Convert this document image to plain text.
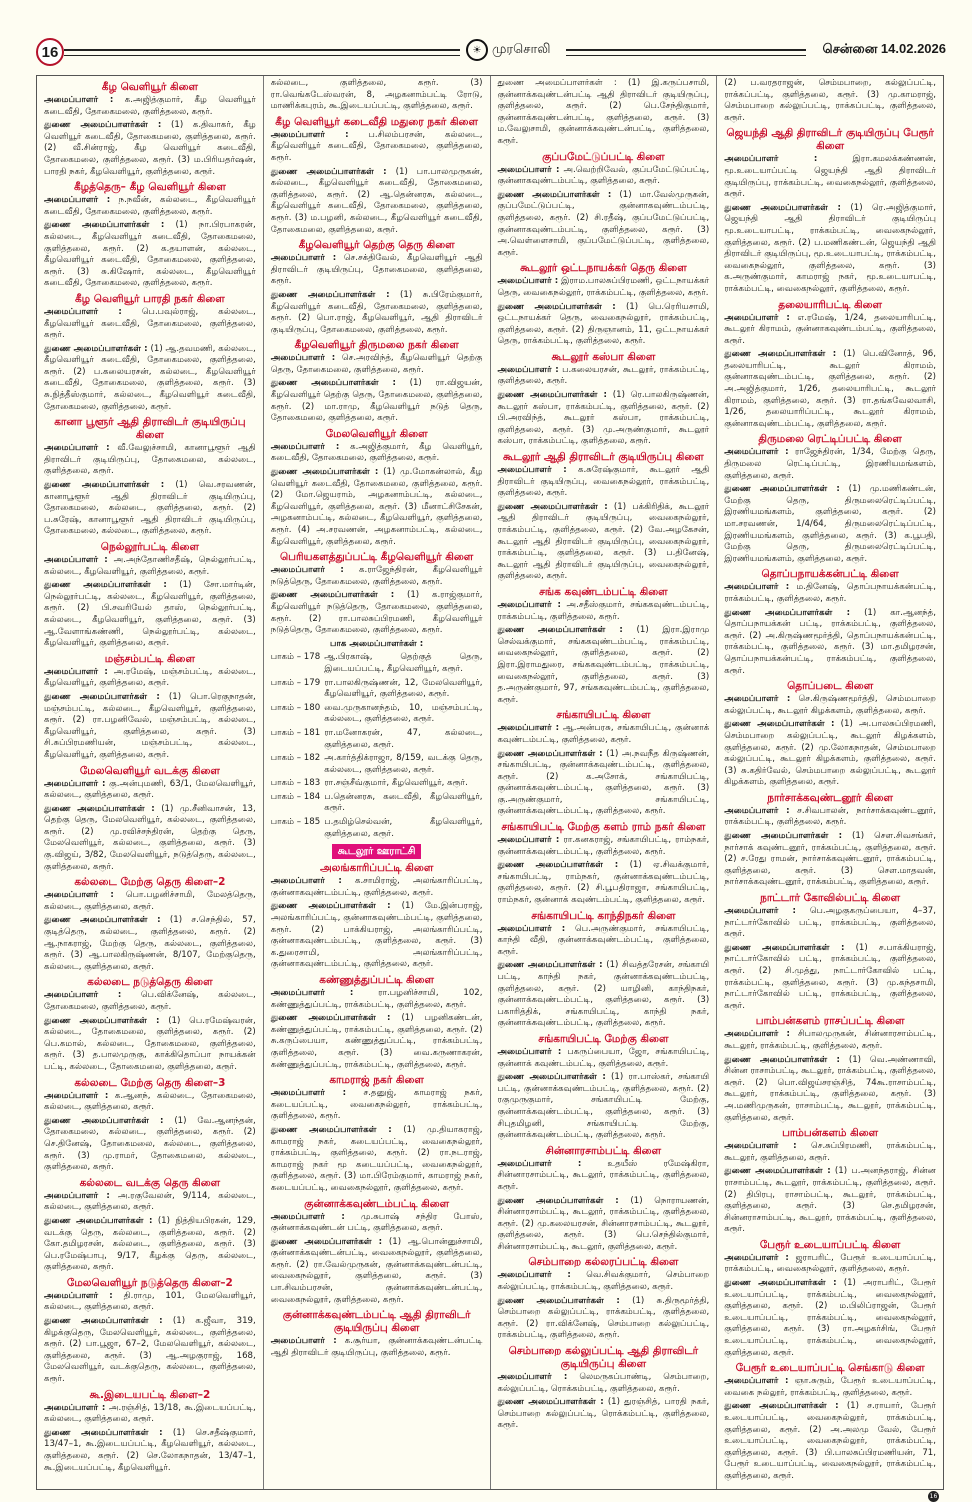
16	☀ முரசொலி	சென்னை 14.02.2026
கீழ வெளியூர் கிளை

அமைப்பாளர் : க.அஜித்குமார், கீழ வெளியூர் கடைவீதி, தோகைமலை, குளித்தலை, கரூர்.

துணை அமைப்பாளர்கள் : (1) க.திவாகர், கீழ வெளியூர் கடைவீதி, தோகைமலை, குளித்தலை, கரூர். (2) வீ.சின்ராஜ், கீழ வெளியூர் கடைவீதி, தோகைமலை, குளித்தலை, கரூர். (3) ம.பிரியதர்ஷன், பாரதி நகர், கீழவெளியூர், குளித்தலை, கரூர்.

கீழத்தெரு– கீழ வெளியூர் கிளை

அமைப்பாளர் : ந.நவீன், கல்லடை, கீழவெளியூர் கடைவீதி, தோகைமலை, குளித்தலை, கரூர்.

துணை அமைப்பாளர்கள் : (1) நா.பிரபாகரன், கல்லடை, கீழவெளியூர் கடைவீதி, தோகைமலை, குளித்தலை, கரூர். (2) க.தயாளன், கல்லடை, கீழவெளியூர் கடைவீதி, தோகைமலை, குளித்தலை, கரூர். (3) சு.கிஷோர், கல்லடை, கீழவெளியூர் கடைவீதி, தோகைமலை, குளித்தலை, கரூர்.

கீழ வெளியூர் பாரதி நகர் கிளை

அமைப்பாளர் : பெ.பவுல்ராஜ், கல்லடை, கீழவெளியூர் கடைவீதி, தோகைமலை, குளித்தலை, கரூர்.

துணை அமைப்பாளர்கள் : (1) ஆ.தவமணி, கல்லடை, கீழவெளியூர் கடைவீதி, தோகைமலை, குளித்தலை, கரூர். (2) ப.கலையரசன், கல்லடை, கீழவெளியூர் கடைவீதி, தோகைமலை, குளித்தலை, கரூர். (3) சு.நித்தீஸ்குமார், கல்லடை, கீழவெளியூர் கடைவீதி, தோகைமலை, குளித்தலை, கரூர்.

கானா பூளூர் ஆதி திராவிடர் குடியிருப்பு கிளை

அமைப்பாளர் : வீ.வேலுச்சாமி, கானாபூளூர் ஆதி திராவிடர் குடியிருப்பு, தோகைமலை, கல்லடை, குளித்தலை, கரூர்.

துணை அமைப்பாளர்கள் : (1) வெ.சரவணன், கானாபூளூர் ஆதி திராவிடர் குடியிருப்பு, தோகைமலை, கல்லடை, குளித்தலை, கரூர். (2) ப.சுரேஷ், கானாபூளூர் ஆதி திராவிடர் குடியிருப்பு, தோகைமலை, கல்லடை, குளித்தலை, கரூர்.

நெல்லூர்பட்டி கிளை

அமைப்பாளர் : அ.அந்தோணிசதீஷ், நெல்லூர்பட்டி, கல்லடை, கீழவெளியூர், குளித்தலை, கரூர்.

துணை அமைப்பாளர்கள் : (1) சோ.மார்டின், நெல்லூர்பட்டி, கல்லடை, கீழவெளியூர், குளித்தலை, கரூர். (2) பி.சவரியேல் தாஸ், நெல்லூர்பட்டி, கல்லடை, கீழவெளியூர், குளித்தலை, கரூர். (3) ஆ.வேளாங்கண்ணி, நெல்லூர்பட்டி, கல்லடை, கீழவெளியூர், குளித்தலை, கரூர்.

மஞ்சம்பட்டி கிளை

அமைப்பாளர் : அ.ரமேஷ், மஞ்சம்பட்டி, கல்லடை, கீழவெளியூர், குளித்தலை, கரூர்.

துணை அமைப்பாளர்கள் : (1) பொ.ரெகுநாதன், மஞ்சம்பட்டி, கல்லடை, கீழவெளியூர், குளித்தலை, கரூர். (2) ரா.பழனிவேல், மஞ்சம்பட்டி, கல்லடை, கீழவெளியூர், குளித்தலை, கரூர். (3) சி.சுப்பிரமணியன், மஞ்சம்பட்டி, கல்லடை, கீழவெளியூர், குளித்தலை, கரூர்.

மேலவெளியூர் வடக்கு கிளை

அமைப்பாளர் : கு.அன்புமணி, 63/1, மேலவெளியூர், கல்லடை, குளித்தலை, கரூர்.

துணை அமைப்பாளர்கள் : (1) மு.சீனிவாசன், 13, தெற்கு தெரு, மேலவெளியூர், கல்லடை, குளித்தலை, கரூர். (2) மு.ரவிச்சந்திரன், தெற்கு தெரு, மேலவெளியூர், கல்லடை, குளித்தலை, கரூர். (3) கு.விஜய், 3/82, மேலவெளியூர், நடுத்தெரு, கல்லடை, குளித்தலை, கரூர்.

கல்லடை மேற்கு தெரு கிளை–2

அமைப்பாளர் : பொ.பழனிச்சாமி, மேலத்தெரு, கல்லடை, குளித்தலை, கரூர்.

துணை அமைப்பாளர்கள் : (1) ச.செந்தில், 57, குடித்தெரு, கல்லடை, குளித்தலை, கரூர். (2) ஆ.நாகராஜ், மேற்கு தெரு, கல்லடை, குளித்தலை, கரூர். (3) ஆ.பாலகிருஷ்ணன், 8/107, மேற்குதெரு, கல்லடை, குளித்தலை, கரூர்.

கல்லடை நடுத்தெரு கிளை

அமைப்பாளர் : பெ.விக்னேஷ், கல்லடை, தோகைமலை, குளித்தலை, கரூர்.

துணை அமைப்பாளர்கள் : (1) பெ.ரமேஷ்வரன், கல்லடை, தோகைமலை, குளித்தலை, கரூர். (2) பெ.கமால், கல்லடை, தோகைமலை, குளித்தலை, கரூர். (3) த.பாலமுருகு, காக்கிதொப்பா நாயக்கன் பட்டி, கல்லடை, தோகைமலை, குளித்தலை, கரூர்.

கல்லடை மேற்கு தெரு கிளை–3

அமைப்பாளர் : க.ஆனந், கல்லடை, தோகைமலை, கல்லடை, குளித்தலை, கரூர்.

துணை அமைப்பாளர்கள் : (1) வே.ஆனந்தன், தோகைமலை, கல்லடை, குளித்தலை, கரூர். (2) செ.தினேஷ், தோகைமலை, கல்லடை, குளித்தலை, கரூர். (3) மு.ராமர், தோகைமலை, கல்லடை, குளித்தலை, கரூர்.

கல்லடை வடக்கு தெரு கிளை

அமைப்பாளர் : அ.ரகுவேலன், 9/114, கல்லடை, கல்லடை, குளித்தலை, கரூர்.

துணை அமைப்பாளர்கள் : (1) நித்தியபிரகன், 129, வடக்கு தெரு, கல்லடை, குளித்தலை, கரூர். (2) கோ.தமிழரசன், கல்லடை, குளித்தலை, கரூர். (3) பெ.ரமேஷ்பாபு, 9/17, கீழக்கு தெரு, கல்லடை, குளித்தலை, கரூர்.

மேலவெளியூர் நடுத்தெரு கிளை–2

அமைப்பாளர் : தி.ராமு, 101, மேலவெளியூர், கல்லடை, குளித்தலை, கரூர்.

துணை அமைப்பாளர்கள் : (1) க.ஜீவா, 319, கிழக்குதெரு, மேலவெளியூர், கல்லடை, குளித்தலை, கரூர். (2) பா.பூஜா, 67–2, மேலவெளியூர், கல்லடை, குளித்தலை, கரூர். (3) ஆ.அழகுராஜ், 168, மேலவெளியூர், வடக்குதெரு, கல்லடை, குளித்தலை, கரூர்.

கூ.இடையபட்டி கிளை–2

அமைப்பாளர் : அ.ரஞ்சித், 13/18, கூ.இடையப்பட்டி, கல்லடை, குளித்தலை, கரூர்.

துணை அமைப்பாளர்கள் : (1) செ.சதீஷ்குமார், 13/47–1, கூ.இடையப்பட்டி, கீழவெளியூர், கல்லடை, குளித்தலை, கரூர். (2) செ.லோகநாதன், 13/47–1, கூ.இடையப்பட்டி, கீழவெளியூர்.

கல்லடை, குளித்தலை, கரூர். (3) ரா.வெங்கடேஸ்வரன், 8, அழகனாம்பட்டி ரோடு, மாணிக்கபுரம், கூ.இடையப்பட்டி, குளித்தலை, கரூர்.

கீழ வெளியூர் கடைவீதி மதுரை நகர் கிளை

அமைப்பாளர் : ப.சிலம்பரசன், கல்லடை, கீழவெளியூர் கடைவீதி, தோகைமலை, குளித்தலை, கரூர்.

துணை அமைப்பாளர்கள் : (1) பா.பாலமுருகன், கல்லடை, கீழவெளியூர் கடைவீதி, தோகைமலை, குளித்தலை, கரூர். (2) ஆ.தென்னரசு, கல்லடை, கீழவெளியூர் கடைவீதி, தோகைமலை, குளித்தலை, கரூர். (3) ம.பழனி, கல்லடை, கீழவெளியூர் கடைவீதி, தோகைமலை, குளித்தலை, கரூர்.

கீழவெளியூர் தெற்கு தெரு கிளை

அமைப்பாளர் : செ.சக்திவேல், கீழவெளியூர் ஆதி திராவிடர் குடியிருப்பு, தோகைமலை, குளித்தலை, கரூர்.

துணை அமைப்பாளர்கள் : (1) சு.பிரேம்குமார், கீழவெளியூர் கடைவீதி, தோகைமலை, குளித்தலை, கரூர். (2) பொ.ராஜ், கீழவெளியூர், ஆதி திராவிடர் குடியிருப்பு, தோகைமலை, குளித்தலை, கரூர்.

கீழவெளியூர் திருமலை நகர் கிளை

அமைப்பாளர் : செ.அரவிந்த், கீழவெளியூர் தெற்கு தெரு, தோகைமலை, குளித்தலை, கரூர்.

துணை அமைப்பாளர்கள் : (1) ரா.விஜயன், கீழவெளியூர் தெற்கு தெரு, தோகைமலை, குளித்தலை, கரூர். (2) மா.ராமு, கீழவெளியூர் நடுத் தெரு, தோகைமலை, குளித்தலை, கரூர்.

மேலவெளியூர் கிளை

அமைப்பாளர் : க.அஜித்குமார், கீழ வெளியூர், கடைவீதி, தோகைமலை, குளித்தலை, கரூர்.

துணை அமைப்பாளர்கள் : (1) மு.மோகன்லால், கீழ வெளியூர் கடைவீதி, தோகைமலை, குளித்தலை, கரூர். (2) மோ.ஜெயராம், அழகனாம்பட்டி, கல்லடை, கீழவெளியூர், குளித்தலை, கரூர். (3) மீனாட்சிசேகன், அழகனாம்பட்டி, கல்லடை, கீழவெளியூர், குளித்தலை, கரூர். (4) அ.சரவணன், அழகனாம்பட்டி, கல்லடை, கீழவெளியூர், குளித்தலை, கரூர்.

பெரியகளத்துப்பட்டி கீழவெளியூர் கிளை

அமைப்பாளர் : க.ராஜேந்திரன், கீழவெளியூர் நடுத்தெரு, தோகைமலை, குளித்தலை, கரூர்.

துணை அமைப்பாளர்கள் : (1) க.ராஜ்குமார், கீழவெளியூர் நடுத்தெரு, தோகைமலை, குளித்தலை, கரூர். (2) ரா.பாலசுப்பிரமணி, கீழவெளியூர் நடுத்தெரு, தோகைமலை, குளித்தலை, கரூர்.

பாக அமைப்பாளர்கள் :
பாகம் – 178 ஆ.பிரகாஷ், தெற்குத் தெரு, இடையப்பட்டி, கீழவெளியூர், கரூர்.
பாகம் – 179 ரா.பாலகிருஷ்ணன், 12, மேலவெளியூர், கீழவெளியூர், குளித்தலை, கரூர்.
பாகம் – 180 வை.முருகானந்தம், 10, மஞ்சம்பட்டி, கல்லடை, குளித்தலை, கரூர்.
பாகம் – 181 ரா.மனோகரன், 47, கல்லடை, குளித்தலை, கரூர்.
பாகம் – 182 அ.கார்த்திக்ராஜா, 8/159, வடக்கு தெரு, கல்லடை, குளித்தலை, கரூர்.
பாகம் – 183 ரா.சஞ்சீவ்குமார், கீழவெளியூர், கரூர்.
பாகம் – 184 ப.தென்னரசு, கடைவீதி, கீழவெளியூர், கரூர்.
பாகம் – 185 ப.தமிழ்செல்வன், கீழவெளியூர், குளித்தலை, கரூர்.
கூடலூர் ஊராட்சி
அலங்காரிப்பட்டி கிளை

அமைப்பாளர் : க.சாமிராஜ், அலங்காரிப்பட்டி, குன்னாகவுண்டம்பட்டி, குளித்தலை, கரூர்.

துணை அமைப்பாளர்கள் : (1) மே.இன்பராஜ், அலங்காரிப்பட்டி, குன்னாகவுண்டம்பட்டி, குளித்தலை, கரூர். (2) பாக்கியராஜ், அலங்காரிப்பட்டி, குன்னாகவுண்டம்பட்டி, குளித்தலை, கரூர். (3) க.துரைசாமி, அலங்காரிப்பட்டி, குன்னாகவுண்டம்பட்டி, குளித்தலை, கரூர்.

கண்ணுத்துப்பட்டி கிளை

அமைப்பாளர் :	ரா.பழனிச்சாமி, 102, கண்ணுத்துப்பட்டி, ராக்கம்பட்டி, குளித்தலை, கரூர்.

துணை அமைப்பாளர்கள் : (1) பழனிகண்டன், கண்ணுத்துப்பட்டி, ராக்கம்பட்டி, குளித்தலை, கரூர். (2) சு.கருப்பையா, கண்ணுத்துப்பட்டி, ராக்கம்பட்டி, குளித்தலை, கரூர். (3) வை.கருணாகரன், கண்ணுத்துப்பட்டி, ராக்கம்பட்டி, குளித்தலை, கரூர்.

காமராஜ் நகர் கிளை

அமைப்பாளர் : ச.தனுஜ், காமராஜ் நகர், கடையப்பட்டி, வைகைநல்லூர், ராக்கம்பட்டி, குளித்தலை, கரூர்.

துணை அமைப்பாளர்கள் : (1) மு.தியாகராஜ், காமராஜ் நகர், கடையப்பட்டி, வைகைநல்லூர், ராக்கம்பட்டி, குளித்தலை, கரூர். (2) ரா.நடராஜ், காமராஜ் நகர் மூ கடையப்பட்டி, வைகைநல்லூர், குளித்தலை, கரூர். (3) மா.பிரேம்குமார், காமராஜ் நகர், கடையப்பட்டி, வைகைநல்லூர், குளித்தலை, கரூர்.

குன்னாக்கவுண்டம்பட்டி கிளை

அமைப்பாளர் : மு.சுபாஷ் சந்திர போஸ், குன்னாக்கவுண்டன் பட்டி, குளித்தலை, கரூர்.

துணை அமைப்பாளர்கள் : (1) ஆ.பொன்னுச்சாமி, குன்னாக்கவுண்டன்பட்டி, வைகைநல்லூர், குளித்தலை, கரூர். (2) ரா.வேல்முருகன், குன்னாக்கவுண்டன்பட்டி, வைகைநல்லூர், குளித்தலை, கரூர். (3) பா.சிவம்பரசன், குன்னாக்கவுண்டன்பட்டி, வைகைநல்லூர், குளித்தலை, கரூர்.

குன்னாக்கவுண்டம்பட்டி ஆதி திராவிடர் குடியிருப்பு கிளை

அமைப்பாளர் : க.சூர்யா, குன்னாக்கவுண்டன்பட்டி ஆதி திராவிடர் குடியிருப்பு, குளித்தலை, கரூர்.

துணை அமைப்பாளர்கள் : (1) இ.கருப்பசாமி, குன்னாக்கவுண்டன்பட்டி ஆதி திராவிடர் குடியிருப்பு, குளித்தலை, கரூர். (2) பெ.சேந்திகுமார், குன்னாக்கவுண்டன்பட்டி, குளித்தலை, கரூர். (3) ம.வேலுசாமி, குன்னாக்கவுண்டன்பட்டி, குளித்தலை, கரூர்.

குப்பமேட்டுப்பட்டி கிளை

அமைப்பாளர் : அ.வெற்றிவேல், குப்பமேட்டுப்பட்டி, குன்னாகவுண்டம்பட்டி, குளித்தலை, கரூர்.

துணை அமைப்பாளர்கள் : (1) மா.வேல்முருகன், குப்பமேட்டுப்பட்டி, குன்னாகவுண்டம்பட்டி, குளித்தலை, கரூர். (2) சி.ரதீஷ், குப்பமேட்டுப்பட்டி, குன்னாகவுண்டம்பட்டி, குளித்தலை, கரூர். (3) அ.வெள்ளைசாமி, குப்பமேட்டுப்பட்டி, குளித்தலை, கரூர்.

கூடலூர் ஒட்டநாயக்கர் தெரு கிளை

அமைப்பாளர் : இராம.பாலசுப்பிரமணி, ஒட்டநாயக்கர் தெரு, வைகைநல்லூர், ராக்கம்பட்டி, குளித்தலை, கரூர்.

துணை அமைப்பாளர்கள் : (1) பெ.ரெரியசாமி, ஒட்டநாயக்கர் தெரு, வைகைநல்லூர், ராக்கம்பட்டி, குளித்தலை, கரூர். (2) திருஞானம், 11, ஒட்டநாயக்கர் தெரு, ராக்கம்பட்டி, குளித்தலை, கரூர்.

கூடலூர் கஸ்பா கிளை

அமைப்பாளர் : ப.கலையரசன், கூடலூர், ராக்கம்பட்டி, குளித்தலை, கரூர்.

துணை அமைப்பாளர்கள் : (1) ரெ.பாலகிருஷ்ணன், கூடலூர் கஸ்பா, ராக்கம்பட்டி, குளித்தலை, கரூர். (2) பி.அரவிந்த், கூடலூர் கஸ்பா, ராக்கம்பட்டி, குளித்தலை, கரூர். (3) மு.அருண்குமார், கூடலூர் கஸ்பா, ராக்கம்பட்டி, குளித்தலை, கரூர்.

கூடலூர் ஆதி திராவிடர் குடியிருப்பு கிளை

அமைப்பாளர் : க.சுரேஷ்குமார், கூடலூர் ஆதி திராவிடர் குடியிருப்பு, வைகைநல்லூர், ராக்கம்பட்டி, குளித்தலை, கரூர்.

துணை அமைப்பாளர்கள் : (1) பக்கிரிதிக், கூடலூர் ஆதி திராவிடர் குடியிருப்பு, வைகைநல்லூர், ராக்கம்பட்டி, குளித்தலை, கரூர். (2) வே.அழகேசன், கூடலூர் ஆதி திராவிடர் குடியிருப்பு, வைகைநல்லூர், ராக்கம்பட்டி, குளித்தலை, கரூர். (3) ப.தினேஷ், கூடலூர் ஆதி திராவிடர் குடியிருப்பு, வைகைநல்லூர், குளித்தலை, கரூர்.

சங்க கவுண்டம்பட்டி கிளை

அமைப்பாளர் : அ.சதீஸ்குமார், சங்ககவுண்டம்பட்டி, ராக்கம்பட்டி, குளித்தலை, கரூர்.

துணை அமைப்பாளர்கள் : (1) இரா.இராமு செல்வக்குமார், சங்ககவுண்டம்பட்டி, ராக்கம்பட்டி, வைகைநல்லூர், குளித்தலை, கரூர். (2) இரா.இராமதுரை, சங்ககவுண்டம்பட்டி, ராக்கம்பட்டி, வைகைநல்லூர், குளித்தலை, கரூர். (3) த.அருண்குமார், 97, சங்ககவுண்டம்பட்டி, குளித்தலை, கரூர்.

சங்காயிபட்டி கிளை

அமைப்பாளர் : ஆ.அன்பரசு, சங்காயிபட்டி, குன்னாக் கவுண்டம்பட்டி, குளித்தலை, கரூர்.

துணை அமைப்பாளர்கள் : (1) அ.நவநீத கிருஷ்ணன், சங்காயிபட்டி, குன்னாக்கவுண்டம்பட்டி, குளித்தலை, கரூர். (2) க.அசோக், சங்காயிபட்டி, குன்னாக்கவுண்டம்பட்டி, குளித்தலை, கரூர். (3) கு.அருண்குமார், சங்காயிபட்டி, குன்னாக்கவுண்டம்பட்டி, குளித்தலை, கரூர்.

சங்காயிபட்டி மேற்கு களம் ராம் நகர் கிளை

அமைப்பாளர் : ரா.கனகராஜ், சங்காயிபட்டி, ராம்நகர், குன்னாக்கவுண்டம்பட்டி, குளித்தலை, கரூர்.

துணை அமைப்பாளர்கள் : (1) ஏ.சிவக்குமார், சங்காயிபட்டி, ராம்நகர், குன்னாக்கவுண்டம்பட்டி, குளித்தலை, கரூர். (2) சி.பூபதிராஜா, சங்காயிபட்டி, ராம்நகர், குன்னாக் கவுண்டம்பட்டி, குளித்தலை, கரூர்.

சங்காயிபட்டி காந்திநகர் கிளை

அமைப்பாளர் : பெ.அருண்குமார், சங்காயிபட்டி, காந்தி வீதி, குன்னாக்கவுண்டம்பட்டி, குளித்தலை, கரூர்.

துணை அமைப்பாளர்கள் : (1) சிவத்தரேசன், சங்காயி பட்டி, காந்தி நகர், குன்னாக்கவுண்டம்பட்டி, குளித்தலை, கரூர். (2) யாழினி, காந்திநகர், குன்னாக்கவுண்டம்பட்டி, குளித்தலை, கரூர். (3) பகாரித்திக், சங்காயிபட்டி, காந்தி நகர், குன்னாக்கவுண்டம்பட்டி, குளித்தலை, கரூர்.

சங்காயிபட்டி மேற்கு கிளை

அமைப்பாளர் : பகருப்பையா, ஜோ, சங்காயிபட்டி, குன்னாக் கவுண்டம்பட்டி, குளித்தலை, கரூர்.

துணை அமைப்பாளர்கள் : (1) ரா.பாஸ்கர், சங்காயி பட்டி, குன்னாக்கவுண்டம்பட்டி, குளித்தலை, கரூர். (2) ரகுமுருகுமார், சங்காயிபட்டி மேற்கு, குன்னாக்கவுண்டம்பட்டி, குளித்தலை, கரூர். (3) சிபுதமிழனி, சங்காயிபட்டி மேற்கு, குன்னாக்கவுண்டம்பட்டி, குளித்தலை, கரூர்.

சின்னாரசாம்பட்டி கிளை

அமைப்பாளர் :	உதயீஸ் ரமேஷ்கிரா, சின்னாரசாம்பட்டி, கூடலூர், ராக்கம்பட்டி, குளித்தலை, கரூர்.

துணை அமைப்பாளர்கள் : (1) நொராயணன், சின்னாரசாம்பட்டி, கூடலூர், ராக்கம்பட்டி, குளித்தலை, கரூர். (2) மு.கலையரசன், சின்னாரசாம்பட்டி, கூடலூர், குளித்தலை, கரூர். (3) பெ.செந்தில்குமார், சின்னாரசாம்பட்டி, கூடலூர், குளித்தலை, கரூர்.

செம்பாறை கல்லரப்பட்டி கிளை

அமைப்பாளர் : வெ.சிவக்குமார், செம்பாறை கல்லுப்பட்டி, ராக்கம்பட்டி, குளித்தலை, கரூர்.

துணை அமைப்பாளர்கள் : (1) சு.திருமூர்த்தி, செம்பாறை கல்லுப்பட்டி, ராக்கம்பட்டி, குளித்தலை, கரூர். (2) ரா.விக்னேஷ், செம்பாறை கல்லுப்பட்டி, ராக்கம்பட்டி, குளித்தலை, கரூர்.

செம்பாறை கல்லுப்பட்டி ஆதி திராவிடர் குடியிருப்பு கிளை

அமைப்பாளர் : லெமருகப்பாண்டி, செம்பாறை, கல்லுப்பட்டி, ரொக்கம்பட்டி, குளித்தலை, கரூர்.

துணை அமைப்பாளர்கள் : (1) துரஞ்சித், பாரதி நகர், செம்பாறை கல்லுப்பட்டி, ரொக்கம்பட்டி, குளித்தலை, கரூர்.

(2) ப.வரதராஜன், செம்மபாறை, கல்லுப்பட்டி, ராக்கப்பட்டி, குளித்தலை, கரூர். (3) மு.காமராஜ், செம்மபாறை கல்லுப்பட்டி, ராக்கப்பட்டி, குளித்தலை, கரூர்.

ஜெயந்தி ஆதி திராவிடர் குடியிருப்பு பேரூர் கிளை

அமைப்பாளர் :	இரா.கமலக்கண்ணன், மூ.உடையாப்பட்டி ஜெயந்தி ஆதி திராவிடர் குடியிருப்பு, ராக்கம்பட்டி, வைகைநல்லூர், குளித்தலை, கரூர்.

துணை அமைப்பாளர்கள் : (1) ரெ.அஜித்குமார், ஜெயந்தி ஆதி திராவிடர் குடியிருப்பு மூ.உடையாபட்டி, ராக்கம்பட்டி, வைகைநல்லூர், குளித்தலை, கரூர். (2) ப.மணிகண்டன், ஜெயந்தி ஆதி திராவிடர் குடியிருப்பு, மூ.உடையாபட்டி, ராக்கம்பட்டி, வைகைநல்லூர், குளித்தலை, கரூர். (3) க.அருண்குமார், காமராஜ் நகர், மூ.உடையாபட்டி, ராக்கம்பட்டி, வைகைநல்லூர், குளித்தலை, கரூர்.

தலையாரிபட்டி கிளை

அமைப்பாளர் : எ.ரமேஷ், 1/24, தலையாரிபட்டி, கூடலூர் கிராமம், குன்னாகவுண்டம்பட்டி, குளித்தலை, கரூர்.

துணை அமைப்பாளர்கள் : (1) பெ.வினோத், 96, தலையாரிபட்டி, கூடலூர் கிராமம், குன்னாகவுண்டம்பட்டி, குளித்தலை, கரூர். (2) அ.அஜித்குமார், 1/26, தலையாரிபட்டி, கூடலூர் கிராமம், குளித்தலை, கரூர். (3) ரா.தங்கவேலவாசி, 1/26, தலையாரிப்பட்டி, கூடலூர் கிராமம், குன்னாகவுண்டம்பட்டி, குளித்தலை, கரூர்.

திருமலை ரெட்டிப்பட்டி கிளை

அமைப்பாளர் : ராஜேந்திரன், 1/34, மேற்கு தெரு, திருமலை ரெட்டிப்பட்டி, இரணியமங்களம், குளித்தலை, கரூர்.

துணை அமைப்பாளர்கள் : (1) மு.மணிகண்டன், மேற்கு தெரு, திருமலைரெட்டிப்பட்டி, இரணியமங்களம், குளித்தலை, கரூர். (2) மா.சரவணன், 1/4/64, திருமலைரெட்டிப்பட்டி, இரணியமங்களம், குளித்தலை, கரூர். (3) க.பூபதி, மேற்கு தெரு, திருமலைரெட்டிப்பட்டி, இரணியமங்களம், குளித்தலை, கரூர்.

தொப்பநாயக்கன்பட்டி கிளை

அமைப்பாளர் : ம.தினேஷ், தொப்பநாயக்கன்பட்டி, ராக்கம்பட்டி, குளித்தலை, கரூர்.

துணை அமைப்பாளர்கள் : (1) கா.ஆனந்த், தொப்பநாயக்கன் பட்டி, ராக்கம்பட்டி, குளித்தலை, கரூர். (2) அ.கிருஷ்ணமூர்த்தி, தொப்பநாயக்கன்பட்டி, ராக்கம்பட்டி, குளித்தலை, கரூர். (3) மா.தமிழரசன், தொப்பநாயக்கன்பட்டி, ராக்கம்பட்டி, குளித்தலை, கரூர்.

தொப்படை கிளை

அமைப்பாளர் : செ.கிருஷ்ணமூர்த்தி, செம்மபாறை கல்லுப்பட்டி, கூடலூர் கிழக்களம், குளித்தலை, கரூர்.

துணை அமைப்பாளர்கள் : (1) அ.பாலசுப்பிரமணி, செம்மபாறை கல்லுப்பட்டி, கூடலூர் கிழக்களம், குளித்தலை, கரூர். (2) மு.லோகநாதன், செம்மபாறை கல்லுப்பட்டி, கூடலூர் கிழக்களம், குளித்தலை, கரூர். (3) சு.கதிர்வேல், செம்மபாறை கல்லுப்பட்டி, கூடலூர் கிழக்களம், குளித்தலை, கரூர்.

நார்சாக்கவுண்டனூர் கிளை

அமைப்பாளர் : ச.சிவபாலன், நார்சாக்கவுண்டனூர், ராக்கம்பட்டி, குளித்தலை, கரூர்.

துணை அமைப்பாளர்கள் : (1) செள.சிவசங்கர், நார்சாக் கவுண்டனூர், ராக்கம்பட்டி, குளித்தலை, கரூர். (2) ச.ரேது ராமன், நார்சாக்கவுண்டனூர், ராக்கம்பட்டி, குளித்தலை, கரூர். (3) செள.மாதவன், நார்சாக்கவுண்டனூர், ராக்கம்பட்டி, குளித்தலை, கரூர்.

நாட்டார் கோவில்பட்டி கிளை

அமைப்பாளர் : பெ.அழகுகருப்பையா, 4–37, நாட்டார்கோவில் பட்டி, ராக்கம்பட்டி, குளித்தலை, கரூர்.

துணை அமைப்பாளர்கள் : (1) ச.பாக்கியராஜ், நாட்டார்கோவில் பட்டி, ராக்கம்பட்டி, குளித்தலை, கரூர். (2) சி.முத்து, நாட்டார்கோவில் பட்டி, ராக்கம்பட்டி, குளித்தலை, கரூர். (3) மு.கந்தசாமி, நாட்டார்கோவில் பட்டி, ராக்கம்பட்டி, குளித்தலை, கரூர்.

பாம்பன்களம் ராசப்பட்டி கிளை

அமைப்பாளர் : சிபாலமுருகன், சின்னாரசாம்பட்டி, கூடலூர், ராக்கம்பட்டி, குளித்தலை, கரூர்.

துணை அமைப்பாளர்கள் : (1) வெ.அண்ணாவி, சின்ன ராசாம்பட்டி, கூடலூர், ராக்கம்பட்டி, குளித்தலை, கரூர். (2) பொ.விஜய்சரஞ்சித், 74கூ.ராசாம்பட்டி, கூடலூர், ராக்கம்பட்டி, குளித்தலை, கரூர். (3) அ.மணிமுருகன், ராசாம்பட்டி, கூடலூர், ராக்கம்பட்டி, குளித்தலை, கரூர்.

பாம்பன்களம் கிளை

அமைப்பாளர் : செ.சுப்பிரமணி, ராக்கம்பட்டி, கூடலூர், குளித்தலை, கரூர்.

துணை அமைப்பாளர்கள் : (1) ப.அனந்தராஜ், சின்ன ராசாம்பட்டி, கூடலூர், ராக்கம்பட்டி, குளித்தலை, கரூர். (2) திபிரபு, ராசாம்பட்டி, கூடலூர், ராக்கம்பட்டி, குளித்தலை, கரூர். (3) செ.தமிழரசன், சின்னராசாம்பட்டி, கூடலூர், ராக்கம்பட்டி, குளித்தலை, கரூர்.

பேரூர் உடையாப்பட்டி கிளை

அமைப்பாளர் : ஜராபரிட், பேரூர் உடையாப்பட்டி, ராக்கம்பட்டி, வைகைநல்லூர், குளித்தலை, கரூர்.

துணை அமைப்பாளர்கள் : (1) அராபரிட், பேரூர் உடையாப்பட்டி, ராக்கம்பட்டி, வைகைநல்லூர், குளித்தலை, கரூர். (2) ம.பிலிப்ராஜன், பேரூர் உடையாப்பட்டி, ராக்கம்பட்டி, வைகைநல்லூர், குளித்தலை, கரூர். (3) ரா.அழகர்சிங், பேரூர் உடையாப்பட்டி, ராக்கம்பட்டி, வைகைநல்லூர், குளித்தலை, கரூர்.

பேரூர் உடையாப்பட்டி செங்காடு கிளை

அமைப்பாளர் : ஞா.சுரும், பேரூர் உடையாப்பட்டி, வைகை நல்லூர், ராக்கம்பட்டி, குளித்தலை, கரூர்.

துணை அமைப்பாளர்கள் : (1) ச.ராயார், பேரூர் உடையாப்பட்டி, வைகைநல்லூர், ராக்கம்பட்டி, குளித்தலை, கரூர். (2) அ.அலமு வேல், பேரூர் உடையாப்பட்டி, வைகைநல்லூர், ராக்கம்பட்டி, குளித்தலை, கரூர். (3) பி.பாலசுப்பிரமணியன், 71, பேரூர் உடையாப்பட்டி, வைகைநல்லூர், ராக்கம்பட்டி, குளித்தலை, கரூர்.

16
